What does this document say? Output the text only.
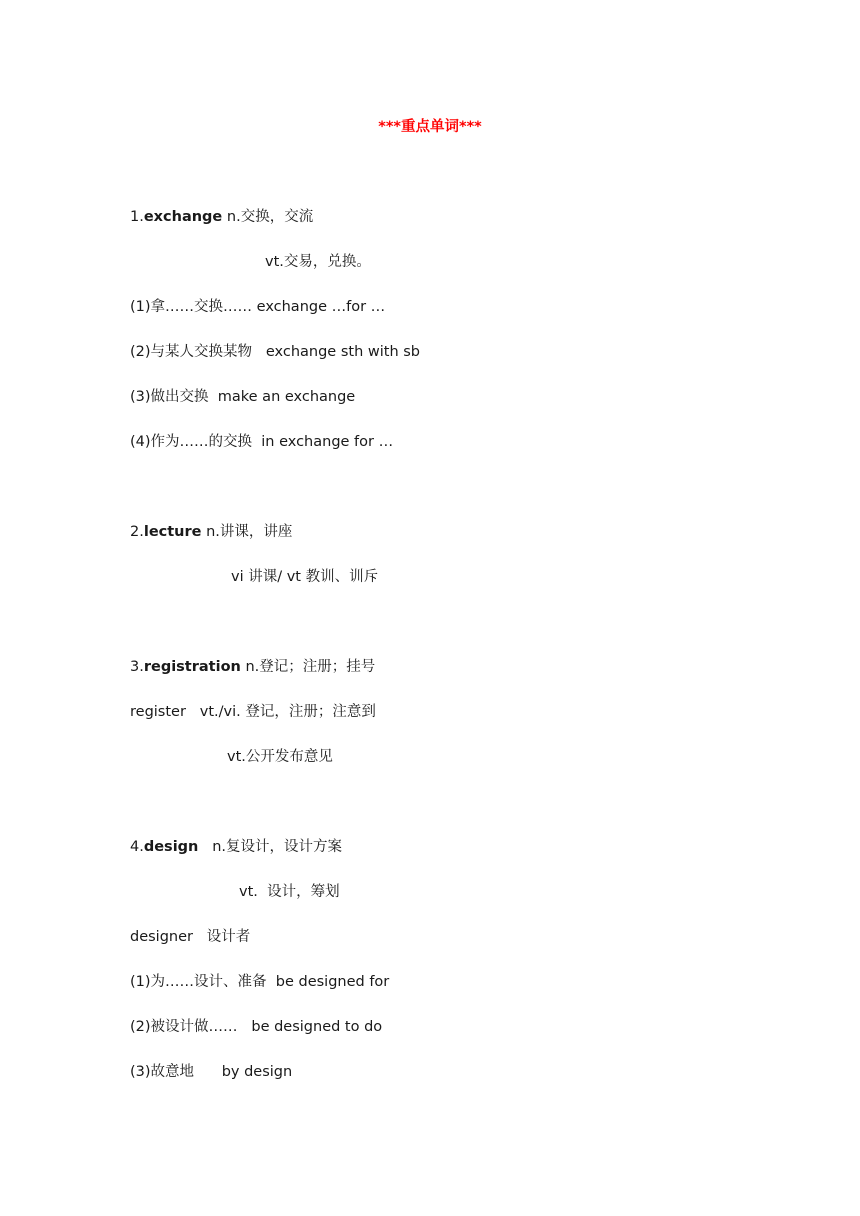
***重点单词***
1.exchange n.交换，交流
vt.交易，兑换。
(1)拿……交换…… exchange …for …
(2)与某人交换某物   exchange sth with sb
(3)做出交换  make an exchange
(4)作为……的交换  in exchange for …
2.lecture n.讲课，讲座
vi 讲课/ vt 教训、训斥
3.registration n.登记；注册；挂号
register   vt./vi. 登记，注册；注意到
vt.公开发布意见
4.design   n.复设计，设计方案
vt.  设计，筹划
designer   设计者
(1)为……设计、准备  be designed for
(2)被设计做……   be designed to do
(3)故意地      by design
